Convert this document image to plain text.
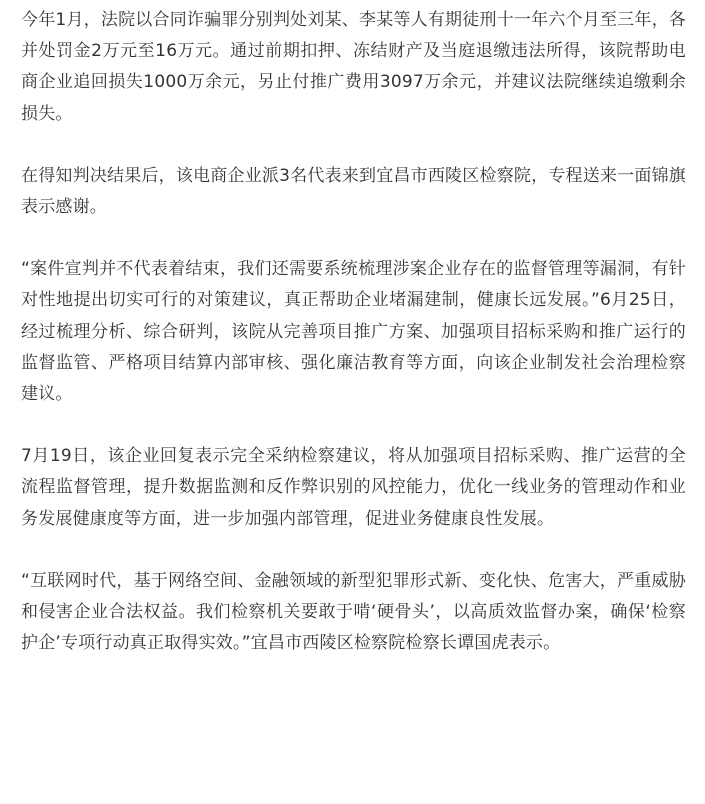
今年1月，法院以合同诈骗罪分别判处刘某、李某等人有期徒刑十一年六个月至三年，各并处罚金2万元至16万元。通过前期扣押、冻结财产及当庭退缴违法所得，该院帮助电商企业追回损失1000万余元，另止付推广费用3097万余元，并建议法院继续追缴剩余损失。

在得知判决结果后，该电商企业派3名代表来到宜昌市西陵区检察院，专程送来一面锦旗表示感谢。

“案件宣判并不代表着结束，我们还需要系统梳理涉案企业存在的监督管理等漏洞，有针对性地提出切实可行的对策建议，真正帮助企业堵漏建制，健康长远发展。”6月25日，经过梳理分析、综合研判，该院从完善项目推广方案、加强项目招标采购和推广运行的监督监管、严格项目结算内部审核、强化廉洁教育等方面，向该企业制发社会治理检察建议。

7月19日，该企业回复表示完全采纳检察建议，将从加强项目招标采购、推广运营的全流程监督管理，提升数据监测和反作弊识别的风控能力，优化一线业务的管理动作和业务发展健康度等方面，进一步加强内部管理，促进业务健康良性发展。

“互联网时代，基于网络空间、金融领域的新型犯罪形式新、变化快、危害大，严重威胁和侵害企业合法权益。我们检察机关要敢于啃‘硬骨头’，以高质效监督办案，确保‘检察护企’专项行动真正取得实效。”宜昌市西陵区检察院检察长谭国虎表示。
